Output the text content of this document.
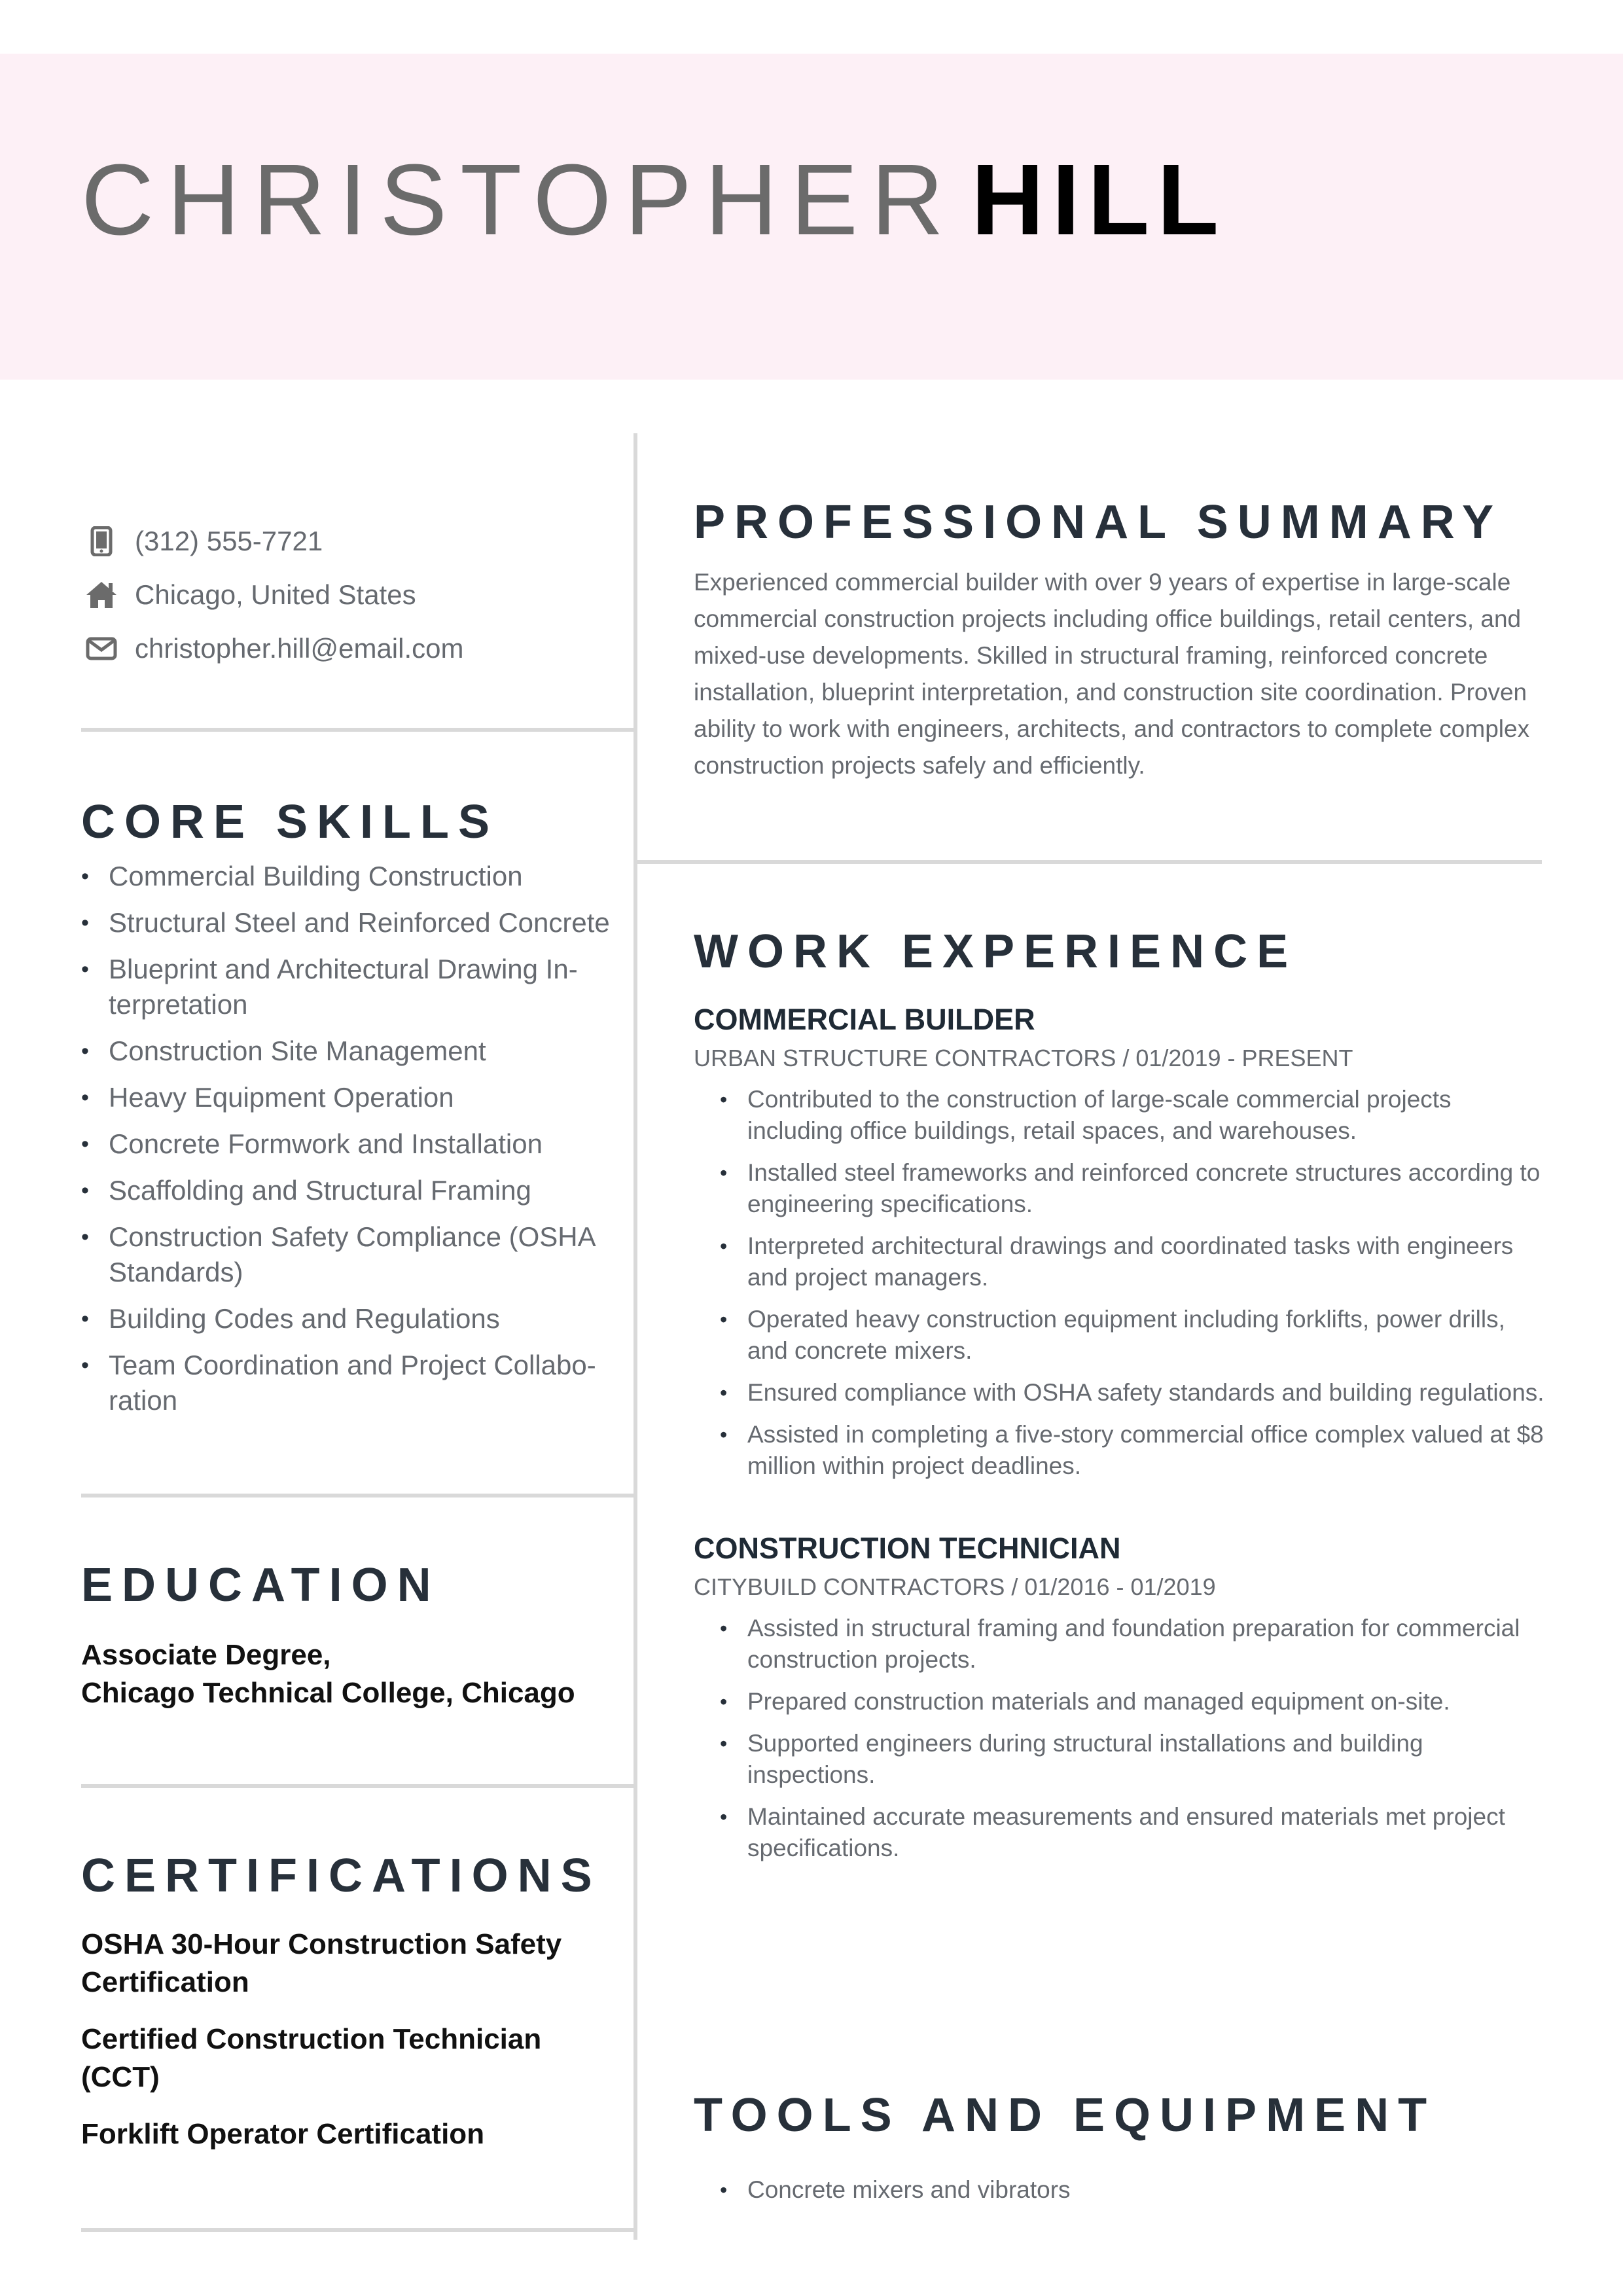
CHRISTOPHER HILL
(312) 555-7721
Chicago, United States
christopher.hill@email.com
CORE SKILLS
• Commercial Building Construction
• Structural Steel and Reinforced Concrete
• Blueprint and Architectural Drawing In-terpretation
• Construction Site Management
• Heavy Equipment Operation
• Concrete Formwork and Installation
• Scaffolding and Structural Framing
• Construction Safety Compliance (OSHA Standards)
• Building Codes and Regulations
• Team Coordination and Project Collabo-ration
EDUCATION
Associate Degree,
Chicago Technical College, Chicago
CERTIFICATIONS
OSHA 30-Hour Construction Safety Certification
Certified Construction Technician (CCT)
Forklift Operator Certification
PROFESSIONAL SUMMARY
Experienced commercial builder with over 9 years of expertise in large-scale commercial construction projects including office buildings, retail centers, and mixed-use developments. Skilled in structural framing, reinforced concrete installation, blueprint interpretation, and construction site coordination. Proven ability to work with engineers, architects, and contractors to complete complex construction projects safely and efficiently.
WORK EXPERIENCE
COMMERCIAL BUILDER
URBAN STRUCTURE CONTRACTORS / 01/2019 - PRESENT
• Contributed to the construction of large-scale commercial projects including office buildings, retail spaces, and warehouses.
• Installed steel frameworks and reinforced concrete structures according to engineering specifications.
• Interpreted architectural drawings and coordinated tasks with engineers and project managers.
• Operated heavy construction equipment including forklifts, power drills, and concrete mixers.
• Ensured compliance with OSHA safety standards and building regulations.
• Assisted in completing a five-story commercial office complex valued at $8 million within project deadlines.
CONSTRUCTION TECHNICIAN
CITYBUILD CONTRACTORS / 01/2016 - 01/2019
• Assisted in structural framing and foundation preparation for commercial construction projects.
• Prepared construction materials and managed equipment on-site.
• Supported engineers during structural installations and building inspections.
• Maintained accurate measurements and ensured materials met project specifications.
TOOLS AND EQUIPMENT
• Concrete mixers and vibrators
